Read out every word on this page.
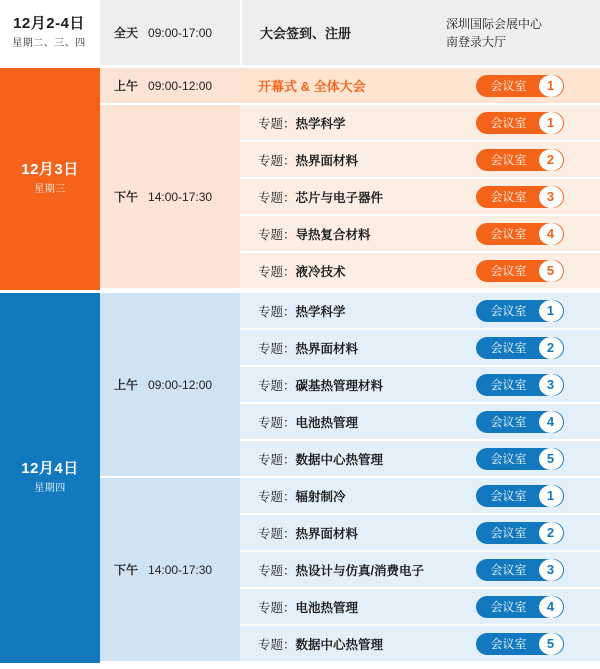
12月2-4日
星期二、三、四
全天 09:00-17:00	大会签到、注册
深圳国际会展中心
南登录大厅
12月3日
星期三
上午 09:00-12:00	开幕式 & 全体大会	会议室	1
下午 14:00-17:30
专题：热学科学	会议室	1
专题：热界面材料	会议室	2
专题：芯片与电子器件	会议室	3
专题：导热复合材料	会议室	4
专题：液冷技术	会议室	5
12月4日
星期四
上午 09:00-12:00
专题：热学科学	会议室	1
专题：热界面材料	会议室	2
专题：碳基热管理材料	会议室	3
专题：电池热管理	会议室	4
专题：数据中心热管理	会议室	5
下午 14:00-17:30
专题：辐射制冷	会议室	1
专题：热界面材料	会议室	2
专题：热设计与仿真/消费电子	会议室	3
专题：电池热管理	会议室	4
专题：数据中心热管理	会议室	5
